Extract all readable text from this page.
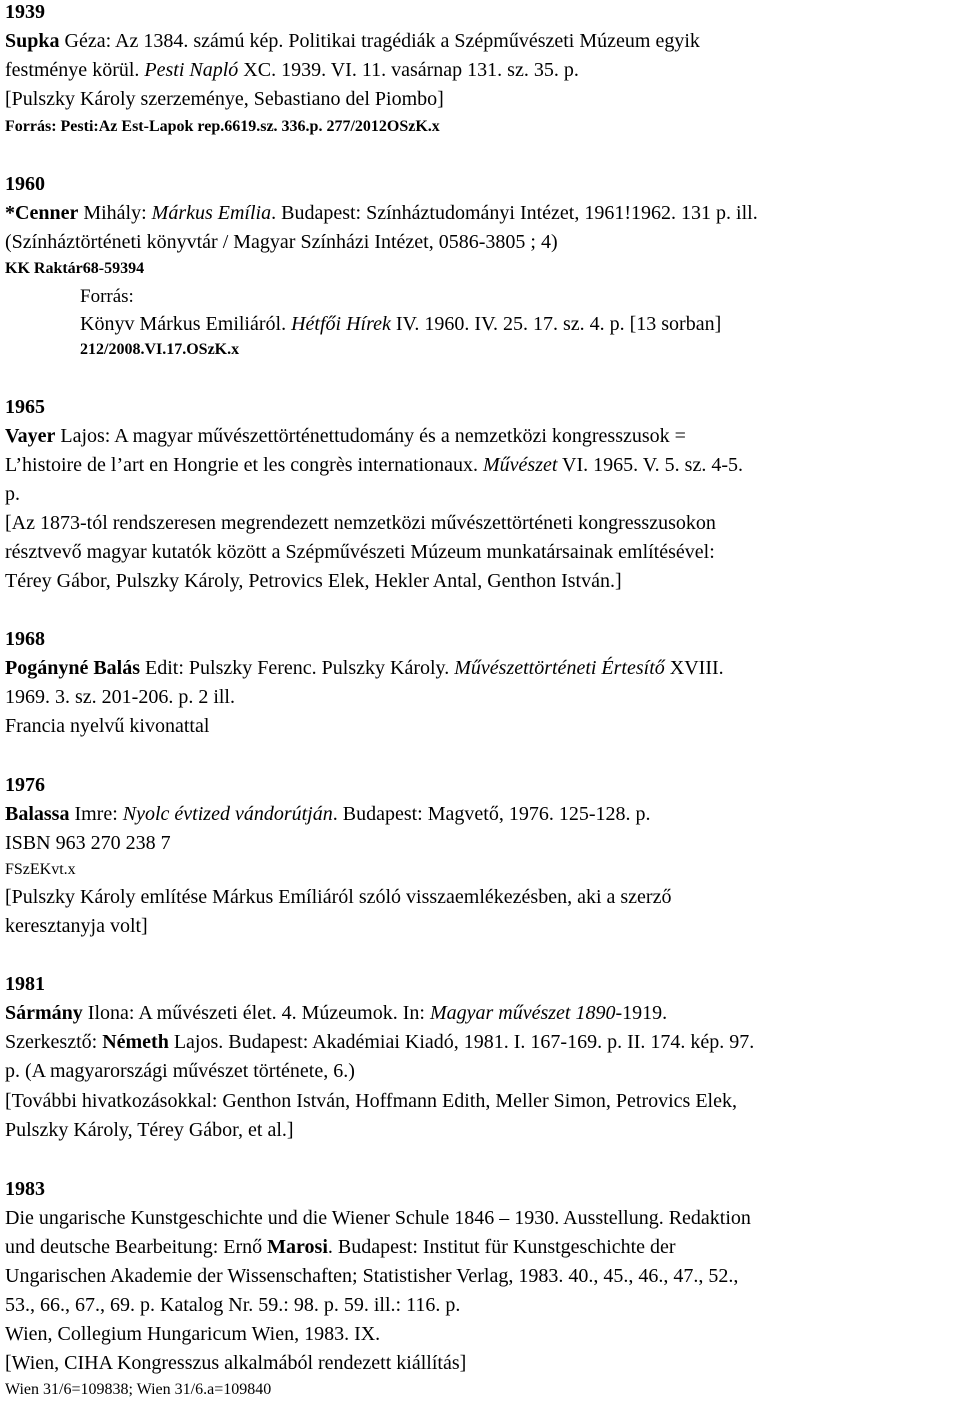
1939
Supka Géza: Az 1384. számú kép. Politikai tragédiák a Szépművészeti Múzeum egyik
festménye körül. Pesti Napló XC. 1939. VI. 11. vasárnap 131. sz. 35. p.
[Pulszky Károly szerzeménye, Sebastiano del Piombo]
Forrás: Pesti:Az Est-Lapok rep.6619.sz. 336.p. 277/2012OSzK.x
1960
*Cenner Mihály: Márkus Emília. Budapest: Színháztudományi Intézet, 1961!1962. 131 p. ill.
(Színháztörténeti könyvtár / Magyar Színházi Intézet, 0586-3805 ; 4)
KK Raktár68-59394
Forrás:
Könyv Márkus Emiliáról. Hétfői Hírek IV. 1960. IV. 25. 17. sz. 4. p. [13 sorban]
212/2008.VI.17.OSzK.x
1965
Vayer Lajos: A magyar művészettörténettudomány és a nemzetközi kongresszusok =
L’histoire de l’art en Hongrie et les congrès internationaux. Művészet VI. 1965. V. 5. sz. 4-5.
p.
[Az 1873-tól rendszeresen megrendezett nemzetközi művészettörténeti kongresszusokon
résztvevő magyar kutatók között a Szépművészeti Múzeum munkatársainak említésével:
Térey Gábor, Pulszky Károly, Petrovics Elek, Hekler Antal, Genthon István.]
1968
Pogányné Balás Edit: Pulszky Ferenc. Pulszky Károly. Művészettörténeti Értesítő XVIII.
1969. 3. sz. 201-206. p. 2 ill.
Francia nyelvű kivonattal
1976
Balassa Imre: Nyolc évtized vándorútján. Budapest: Magvető, 1976. 125-128. p.
ISBN 963 270 238 7
FSzEKvt.x
[Pulszky Károly említése Márkus Emíliáról szóló visszaemlékezésben, aki a szerző
keresztanyja volt]
1981
Sármány Ilona: A művészeti élet. 4. Múzeumok. In: Magyar művészet 1890-1919.
Szerkesztő: Németh Lajos. Budapest: Akadémiai Kiadó, 1981. I. 167-169. p. II. 174. kép. 97.
p. (A magyarországi művészet története, 6.)
[További hivatkozásokkal: Genthon István, Hoffmann Edith, Meller Simon, Petrovics Elek,
Pulszky Károly, Térey Gábor, et al.]
1983
Die ungarische Kunstgeschichte und die Wiener Schule 1846 – 1930. Ausstellung. Redaktion
und deutsche Bearbeitung: Ernő Marosi. Budapest: Institut für Kunstgeschichte der
Ungarischen Akademie der Wissenschaften; Statistisher Verlag, 1983. 40., 45., 46., 47., 52.,
53., 66., 67., 69. p. Katalog Nr. 59.: 98. p. 59. ill.: 116. p.
Wien, Collegium Hungaricum Wien, 1983. IX.
[Wien, CIHA Kongresszus alkalmából rendezett kiállítás]
Wien 31/6=109838; Wien 31/6.a=109840
